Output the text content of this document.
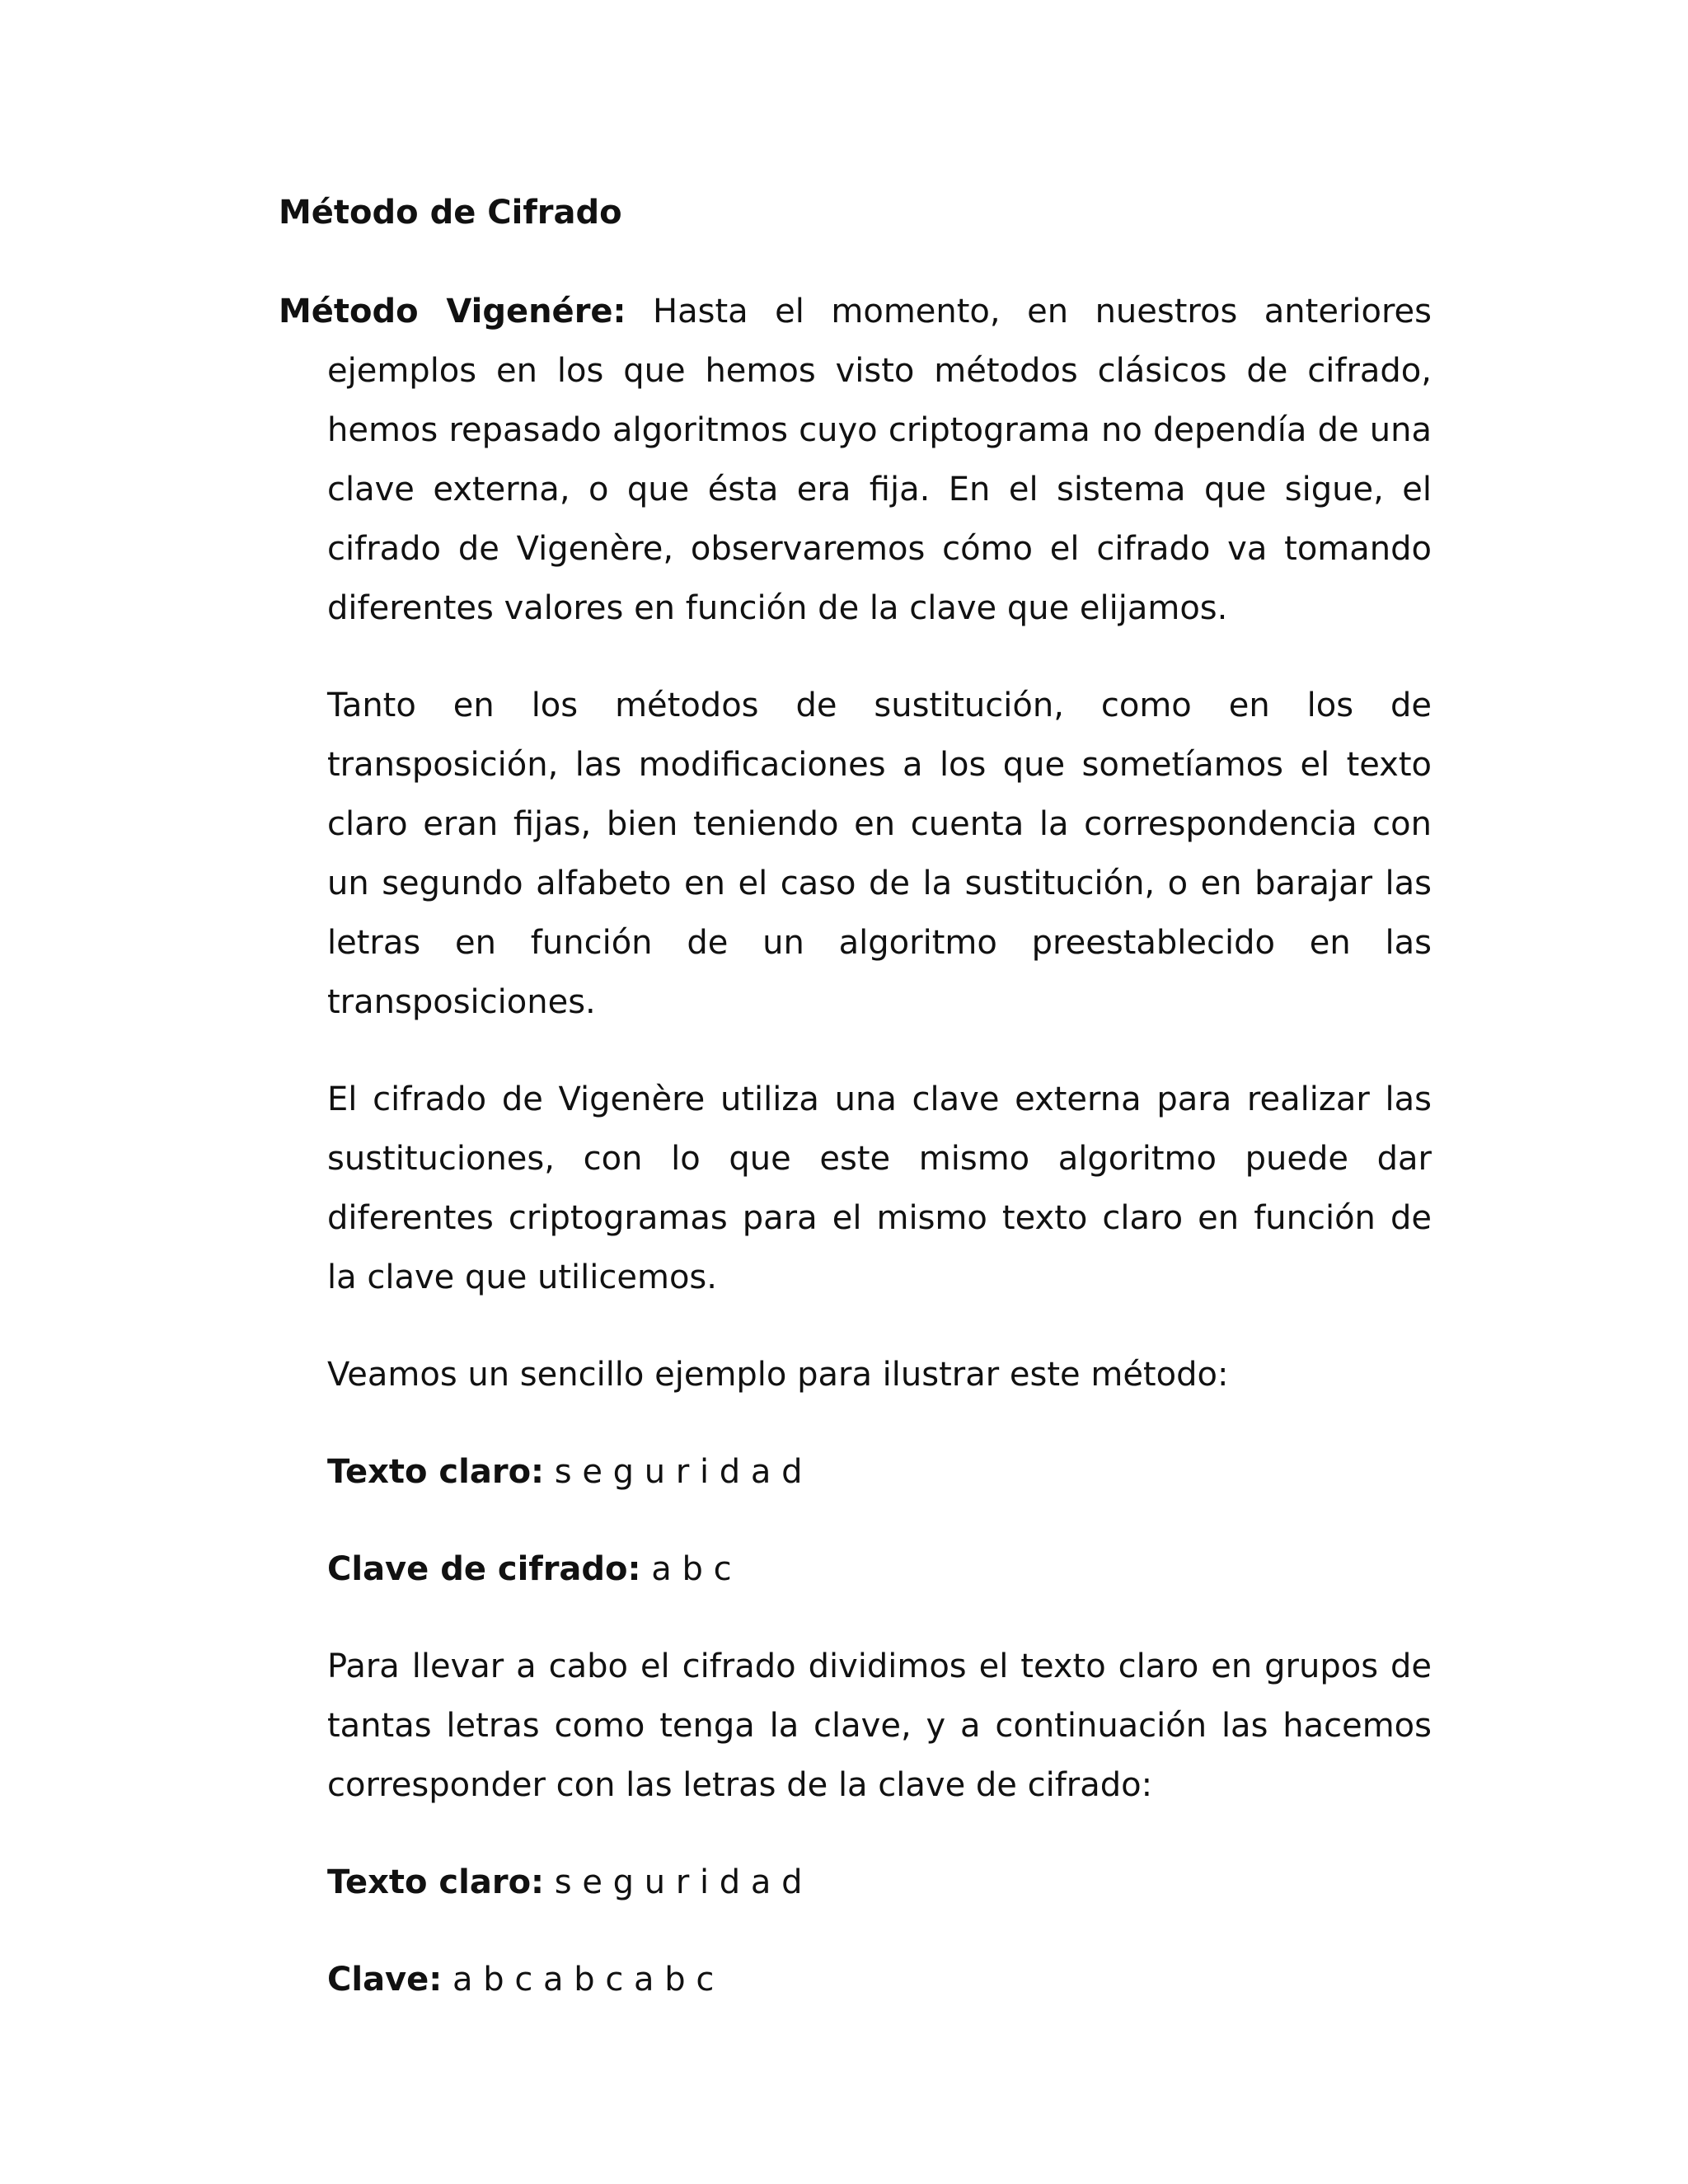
Método de Cifrado

Método Vigenére: Hasta el momento, en nuestros anteriores ejemplos en los que hemos visto métodos clásicos de cifrado, hemos repasado algoritmos cuyo criptograma no dependía de una clave externa, o que ésta era fija. En el sistema que sigue, el cifrado de Vigenère, observaremos cómo el cifrado va tomando diferentes valores en función de la clave que elijamos.

Tanto en los métodos de sustitución, como en los de transposición, las modificaciones a los que sometíamos el texto claro eran fijas, bien teniendo en cuenta la correspondencia con un segundo alfabeto en el caso de la sustitución, o en barajar las letras en función de un algoritmo preestablecido en las transposiciones.

El cifrado de Vigenère utiliza una clave externa para realizar las sustituciones, con lo que este mismo algoritmo puede dar diferentes criptogramas para el mismo texto claro en función de la clave que utilicemos.

Veamos un sencillo ejemplo para ilustrar este método:

Texto claro: s e g u r i d a d

Clave de cifrado: a b c

Para llevar a cabo el cifrado dividimos el texto claro en grupos de tantas letras como tenga la clave, y a continuación las hacemos corresponder con las letras de la clave de cifrado:

Texto claro: s e g u r i d a d

Clave: a b c a b c a b c
